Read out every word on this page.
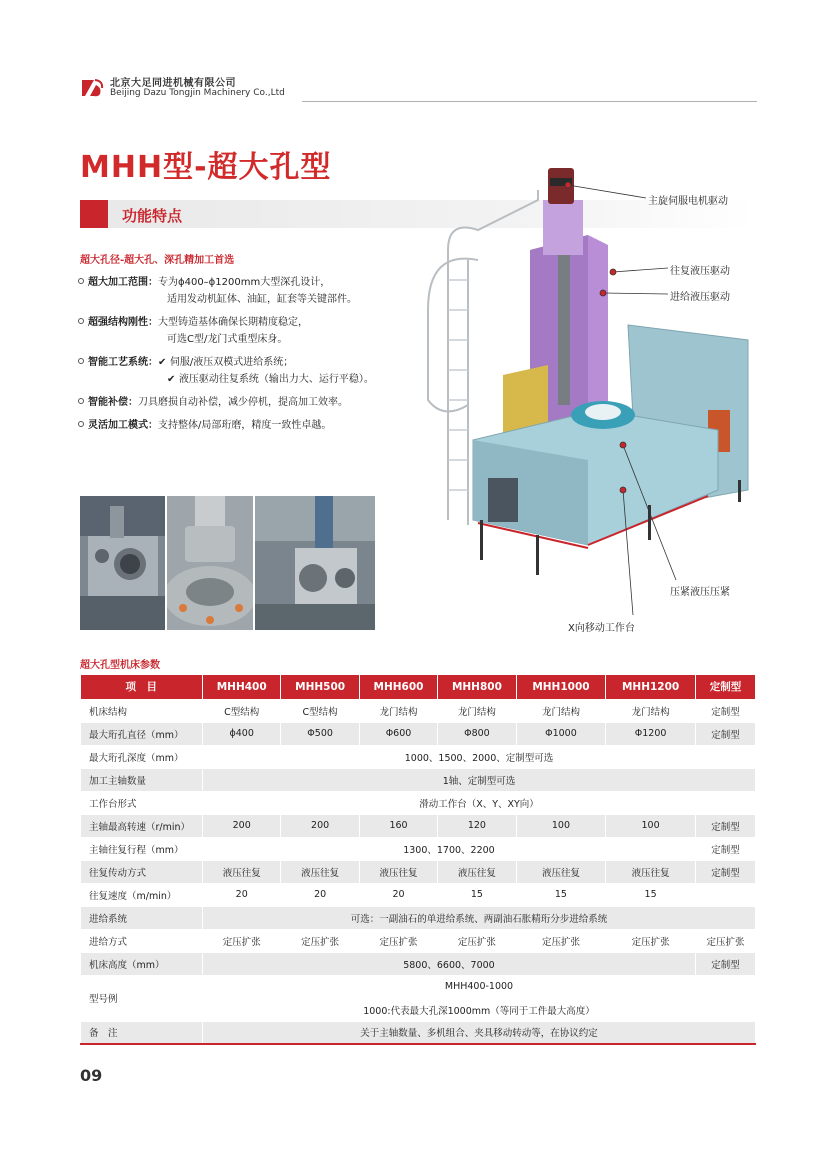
北京大足同进机械有限公司
Beijing Dazu Tongjin Machinery Co.,Ltd
MHH型-超大孔型
功能特点
超大孔径-超大孔、深孔精加工首选
超大加工范围：专为ϕ400–ϕ1200mm大型深孔设计，
适用发动机缸体、油缸，缸套等关键部件。
超强结构刚性：大型铸造基体确保长期精度稳定，
可选C型/龙门式重型床身。
智能工艺系统：✔ 伺服/液压双模式进给系统；
✔ 液压驱动往复系统（输出力大、运行平稳）。
智能补偿：刀具磨损自动补偿，减少停机，提高加工效率。
灵活加工模式：支持整体/局部珩磨，精度一致性卓越。
主旋伺服电机驱动
往复液压驱动
进给液压驱动
压紧液压压紧
X向移动工作台
超大孔型机床参数
项　目	MHH400	MHH500	MHH600	MHH800	MHH1000	MHH1200	定制型
机床结构	C型结构	C型结构	龙门结构	龙门结构	龙门结构	龙门结构	定制型
最大珩孔直径（mm）	ϕ400	Φ500	Φ600	Φ800	Φ1000	Φ1200	定制型
最大珩孔深度（mm）	1000、1500、2000、定制型可选						
加工主轴数量	1轴、定制型可选						
工作台形式	滑动工作台（X、Y、XY向）						
主轴最高转速（r/min）	200	200	160	120	100	100	定制型
主轴往复行程（mm）	1300、1700、2200						定制型
往复传动方式	液压往复	液压往复	液压往复	液压往复	液压往复	液压往复	定制型
往复速度（m/min）	20	20	20	15	15	15	
进给系统	可选：一副油石的单进给系统、两副油石胀精珩分步进给系统						
进给方式	定压扩张	定压扩张	定压扩张	定压扩张	定压扩张	定压扩张	定压扩张
机床高度（mm）	5800、6600、7000						定制型
型号例	MHH400-1000						
	1000:代表最大孔深1000mm（等同于工件最大高度）						
备　注	关于主轴数量、多机组合、夹具移动转动等，在协议约定						
09
